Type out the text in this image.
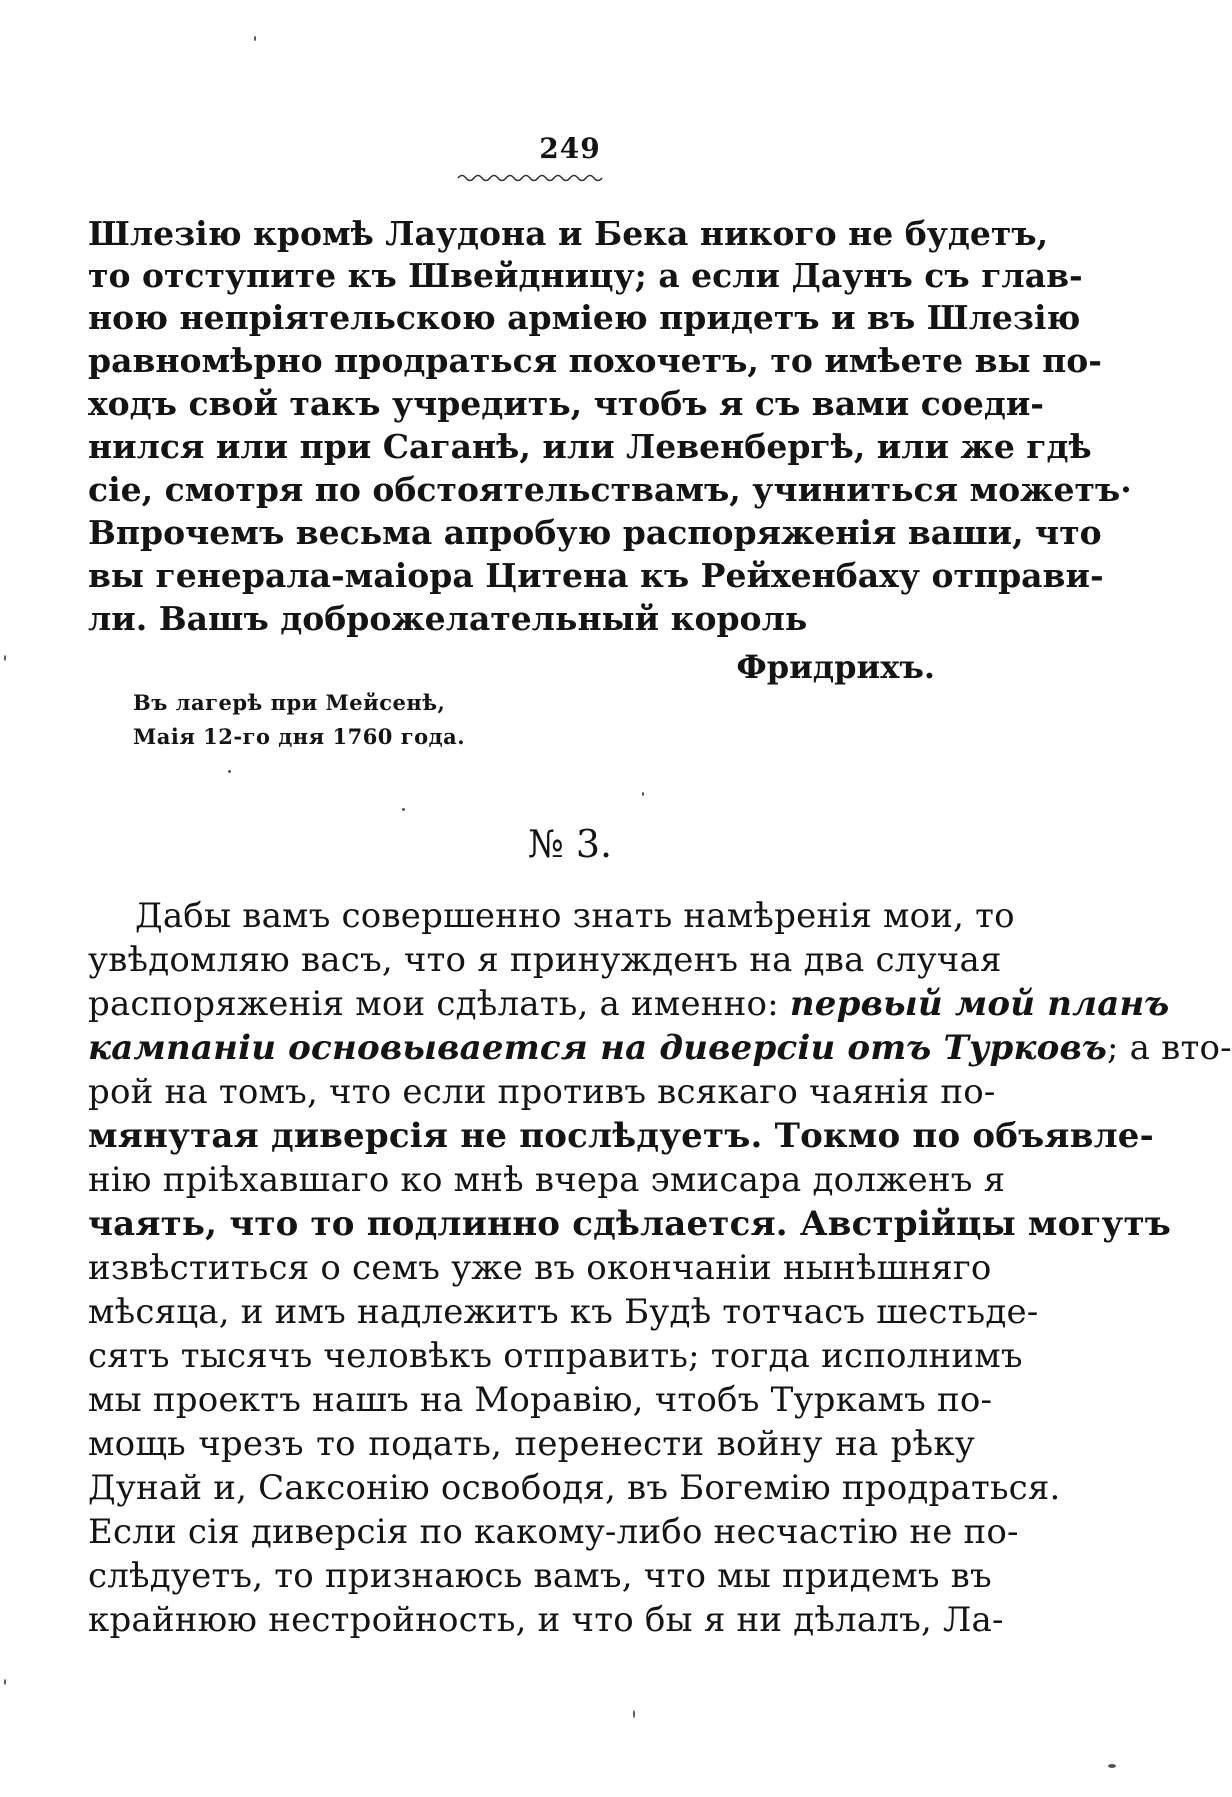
249
Шлезію кромѣ Лаудона и Бека никого не будетъ,
то отступите къ Швейдницу; а если Даунъ съ глав-
ною непріятельскою арміею придетъ и въ Шлезію
равномѣрно продраться похочетъ, то имѣете вы по-
ходъ свой такъ учредить, чтобъ я съ вами соеди-
нился или при Саганѣ, или Левенбергѣ, или же гдѣ
сіе, смотря по обстоятельствамъ, учиниться можетъ·
Впрочемъ весьма апробую распоряженія ваши, что
вы генерала-маіора Цитена къ Рейхенбаху отправи-
ли. Вашъ доброжелательный король
Фридрихъ.
Въ лагерѣ при Мейсенѣ,
Маія 12-го дня 1760 года.
№ 3.
Дабы вамъ совершенно знать намѣренія мои, то
увѣдомляю васъ, что я принужденъ на два случая
распоряженія мои сдѣлать, а именно: первый мой планъ
кампаніи основывается на диверсіи отъ Турковъ; а вто-
рой на томъ, что если противъ всякаго чаянія по-
мянутая диверсія не послѣдуетъ. Токмо по объявле-
нію пріѣхавшаго ко мнѣ вчера эмисара долженъ я
чаять, что то подлинно сдѣлается. Австрійцы могутъ
извѣститься о семъ уже въ окончаніи нынѣшняго
мѣсяца, и имъ надлежитъ къ Будѣ тотчасъ шестьде-
сятъ тысячъ человѣкъ отправить; тогда исполнимъ
мы проектъ нашъ на Моравію, чтобъ Туркамъ по-
мощь чрезъ то подать, перенести войну на рѣку
Дунай и, Саксонію освободя, въ Богемію продраться.
Если сія диверсія по какому-либо несчастію не по-
слѣдуетъ, то признаюсь вамъ, что мы придемъ въ
крайнюю нестройность, и что бы я ни дѣлалъ, Ла-
